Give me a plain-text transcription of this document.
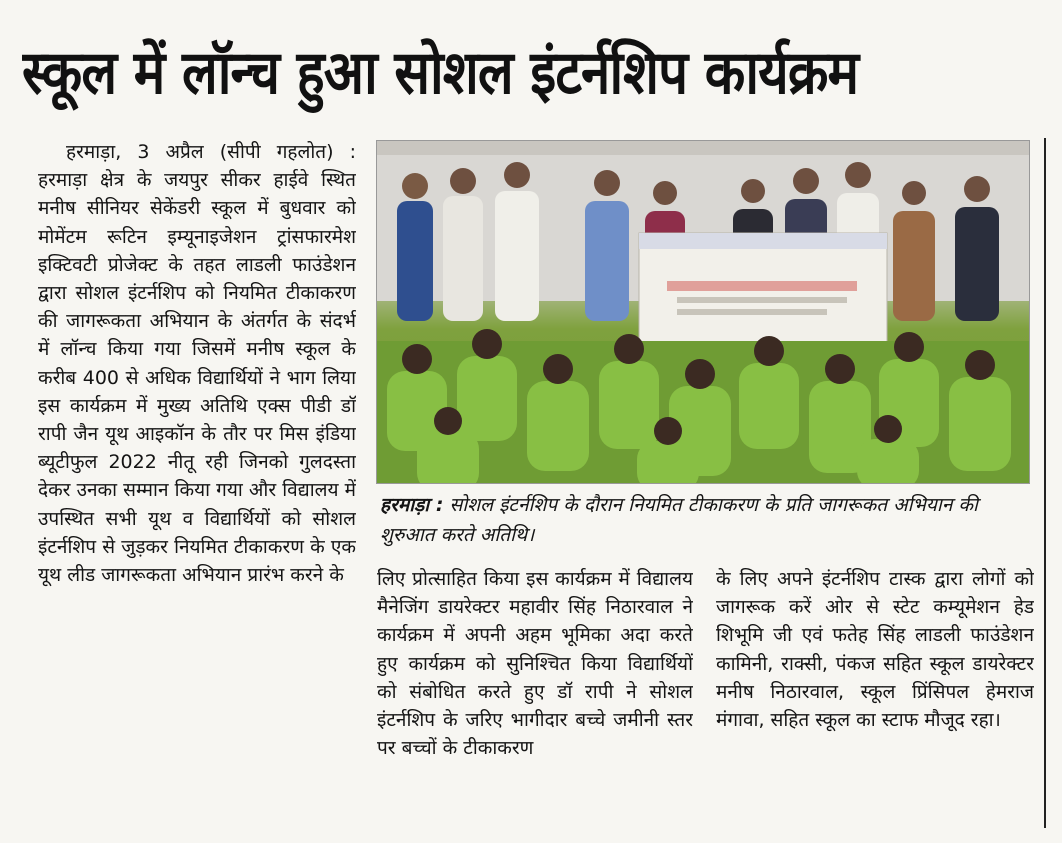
स्कूल में लॉन्च हुआ सोशल इंटर्नशिप कार्यक्रम

हरमाड़ा, 3 अप्रैल (सीपी गहलोत) : हरमाड़ा क्षेत्र के जयपुर सीकर हाईवे स्थित मनीष सीनियर सेकेंडरी स्कूल में बुधवार को मोमेंटम रूटिन इम्यूनाइजेशन ट्रांसफारमेश इक्टिवटी प्रोजेक्ट के तहत लाडली फाउंडेशन द्वारा सोशल इंटर्नशिप को नियमित टीकाकरण की जागरूकता अभियान के अंतर्गत के संदर्भ में लॉन्च किया गया जिसमें मनीष स्कूल के करीब 400 से अधिक विद्यार्थियों ने भाग लिया इस कार्यक्रम में मुख्य अतिथि एक्स पीडी डॉ रापी जैन यूथ आइकॉन के तौर पर मिस इंडिया ब्यूटीफुल 2022 नीतू रही जिनको गुलदस्ता देकर उनका सम्मान किया गया और विद्यालय में उपस्थित सभी यूथ व विद्यार्थियों को सोशल इंटर्नशिप से जुड़कर नियमित टीकाकरण के एक यूथ लीड जागरूकता अभियान प्रारंभ करने के

हरमाड़ा : सोशल इंटर्नशिप के दौरान नियमित टीकाकरण के प्रति जागरूकत अभियान की शुरुआत करते अतिथि।

लिए प्रोत्साहित किया इस कार्यक्रम में विद्यालय मैनेजिंग डायरेक्टर महावीर सिंह निठारवाल ने कार्यक्रम में अपनी अहम भूमिका अदा करते हुए कार्यक्रम को सुनिश्चित किया विद्यार्थियों को संबोधित करते हुए डॉ रापी ने सोशल इंटर्नशिप के जरिए भागीदार बच्चे जमीनी स्तर पर बच्चों के टीकाकरण

के लिए अपने इंटर्नशिप टास्क द्वारा लोगों को जागरूक करें ओर से स्टेट कम्यूमेशन हेड शिभूमि जी एवं फतेह सिंह लाडली फाउंडेशन कामिनी, राक्सी, पंकज सहित स्कूल डायरेक्टर मनीष निठारवाल, स्कूल प्रिंसिपल हेमराज मंगावा, सहित स्कूल का स्टाफ मौजूद रहा।
